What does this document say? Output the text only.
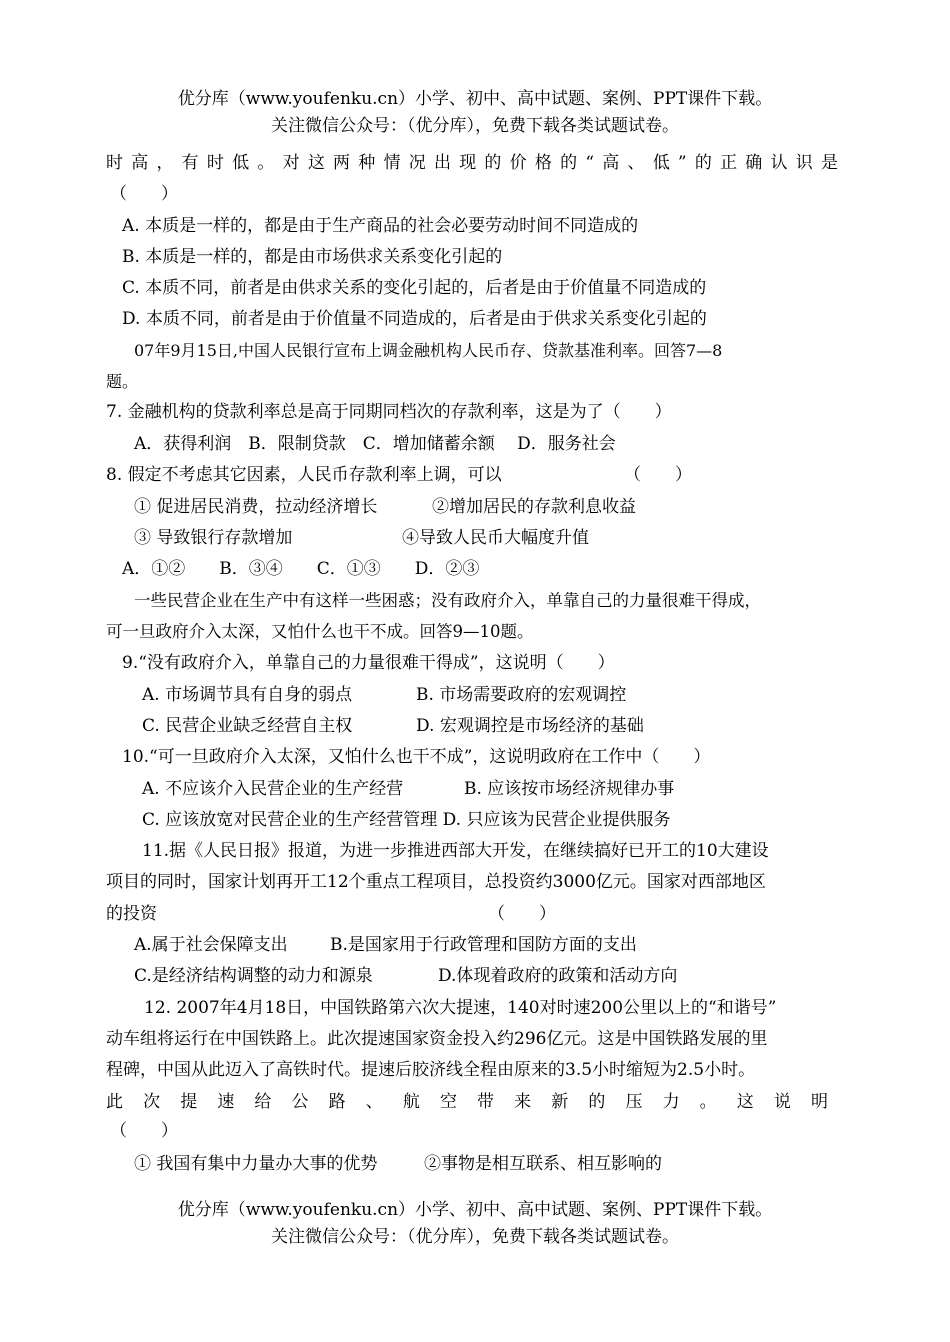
优分库（www.youfenku.cn）小学、初中、高中试题、案例、PPT课件下载。
关注微信公众号：（优分库），免费下载各类试题试卷。
时高，有时低。对这两种情况出现的价格的“高、低”的正确认识是
（　　）
A. 本质是一样的，都是由于生产商品的社会必要劳动时间不同造成的
B. 本质是一样的，都是由市场供求关系变化引起的
C. 本质不同，前者是由供求关系的变化引起的，后者是由于价值量不同造成的
D. 本质不同，前者是由于价值量不同造成的，后者是由于供求关系变化引起的
07年9月15日,中国人民银行宣布上调金融机构人民币存、贷款基准利率。回答7—8
题。
7. 金融机构的贷款利率总是高于同期同档次的存款利率，这是为了（　　）
A．获得利润　B．限制贷款　C．增加储蓄余额　 D．服务社会
8. 假定不考虑其它因素，人民币存款利率上调，可以	（　　）
① 促进居民消费，拉动经济增长	②增加居民的存款利息收益
③ 导致银行存款增加	④导致人民币大幅度升值
A．①②　　B．③④　　C．①③　　D．②③
一些民营企业在生产中有这样一些困惑；没有政府介入，单靠自己的力量很难干得成，
可一旦政府介入太深，又怕什么也干不成。回答9—10题。
9.“没有政府介入，单靠自己的力量很难干得成”，这说明（　　）
A. 市场调节具有自身的弱点	B. 市场需要政府的宏观调控
C. 民营企业缺乏经营自主权	D. 宏观调控是市场经济的基础
10.“可一旦政府介入太深，又怕什么也干不成”，这说明政府在工作中（　　）
A. 不应该介入民营企业的生产经营	B. 应该按市场经济规律办事
C. 应该放宽对民营企业的生产经营管理 D. 只应该为民营企业提供服务
11.据《人民日报》报道，为进一步推进西部大开发，在继续搞好已开工的10大建设
项目的同时，国家计划再开工12个重点工程项目，总投资约3000亿元。国家对西部地区
的投资	（　　）
A.属于社会保障支出 B.是国家用于行政管理和国防方面的支出
C.是经济结构调整的动力和源泉	D.体现着政府的政策和活动方向
12. 2007年4月18日，中国铁路第六次大提速，140对时速200公里以上的“和谐号”
动车组将运行在中国铁路上。此次提速国家资金投入约296亿元。这是中国铁路发展的里
程碑，中国从此迈入了高铁时代。提速后胶济线全程由原来的3.5小时缩短为2.5小时。
此次提速给公路、航空带来新的压力。这说明
（　　）
① 我国有集中力量办大事的优势	②事物是相互联系、相互影响的
优分库（www.youfenku.cn）小学、初中、高中试题、案例、PPT课件下载。
关注微信公众号：（优分库），免费下载各类试题试卷。
